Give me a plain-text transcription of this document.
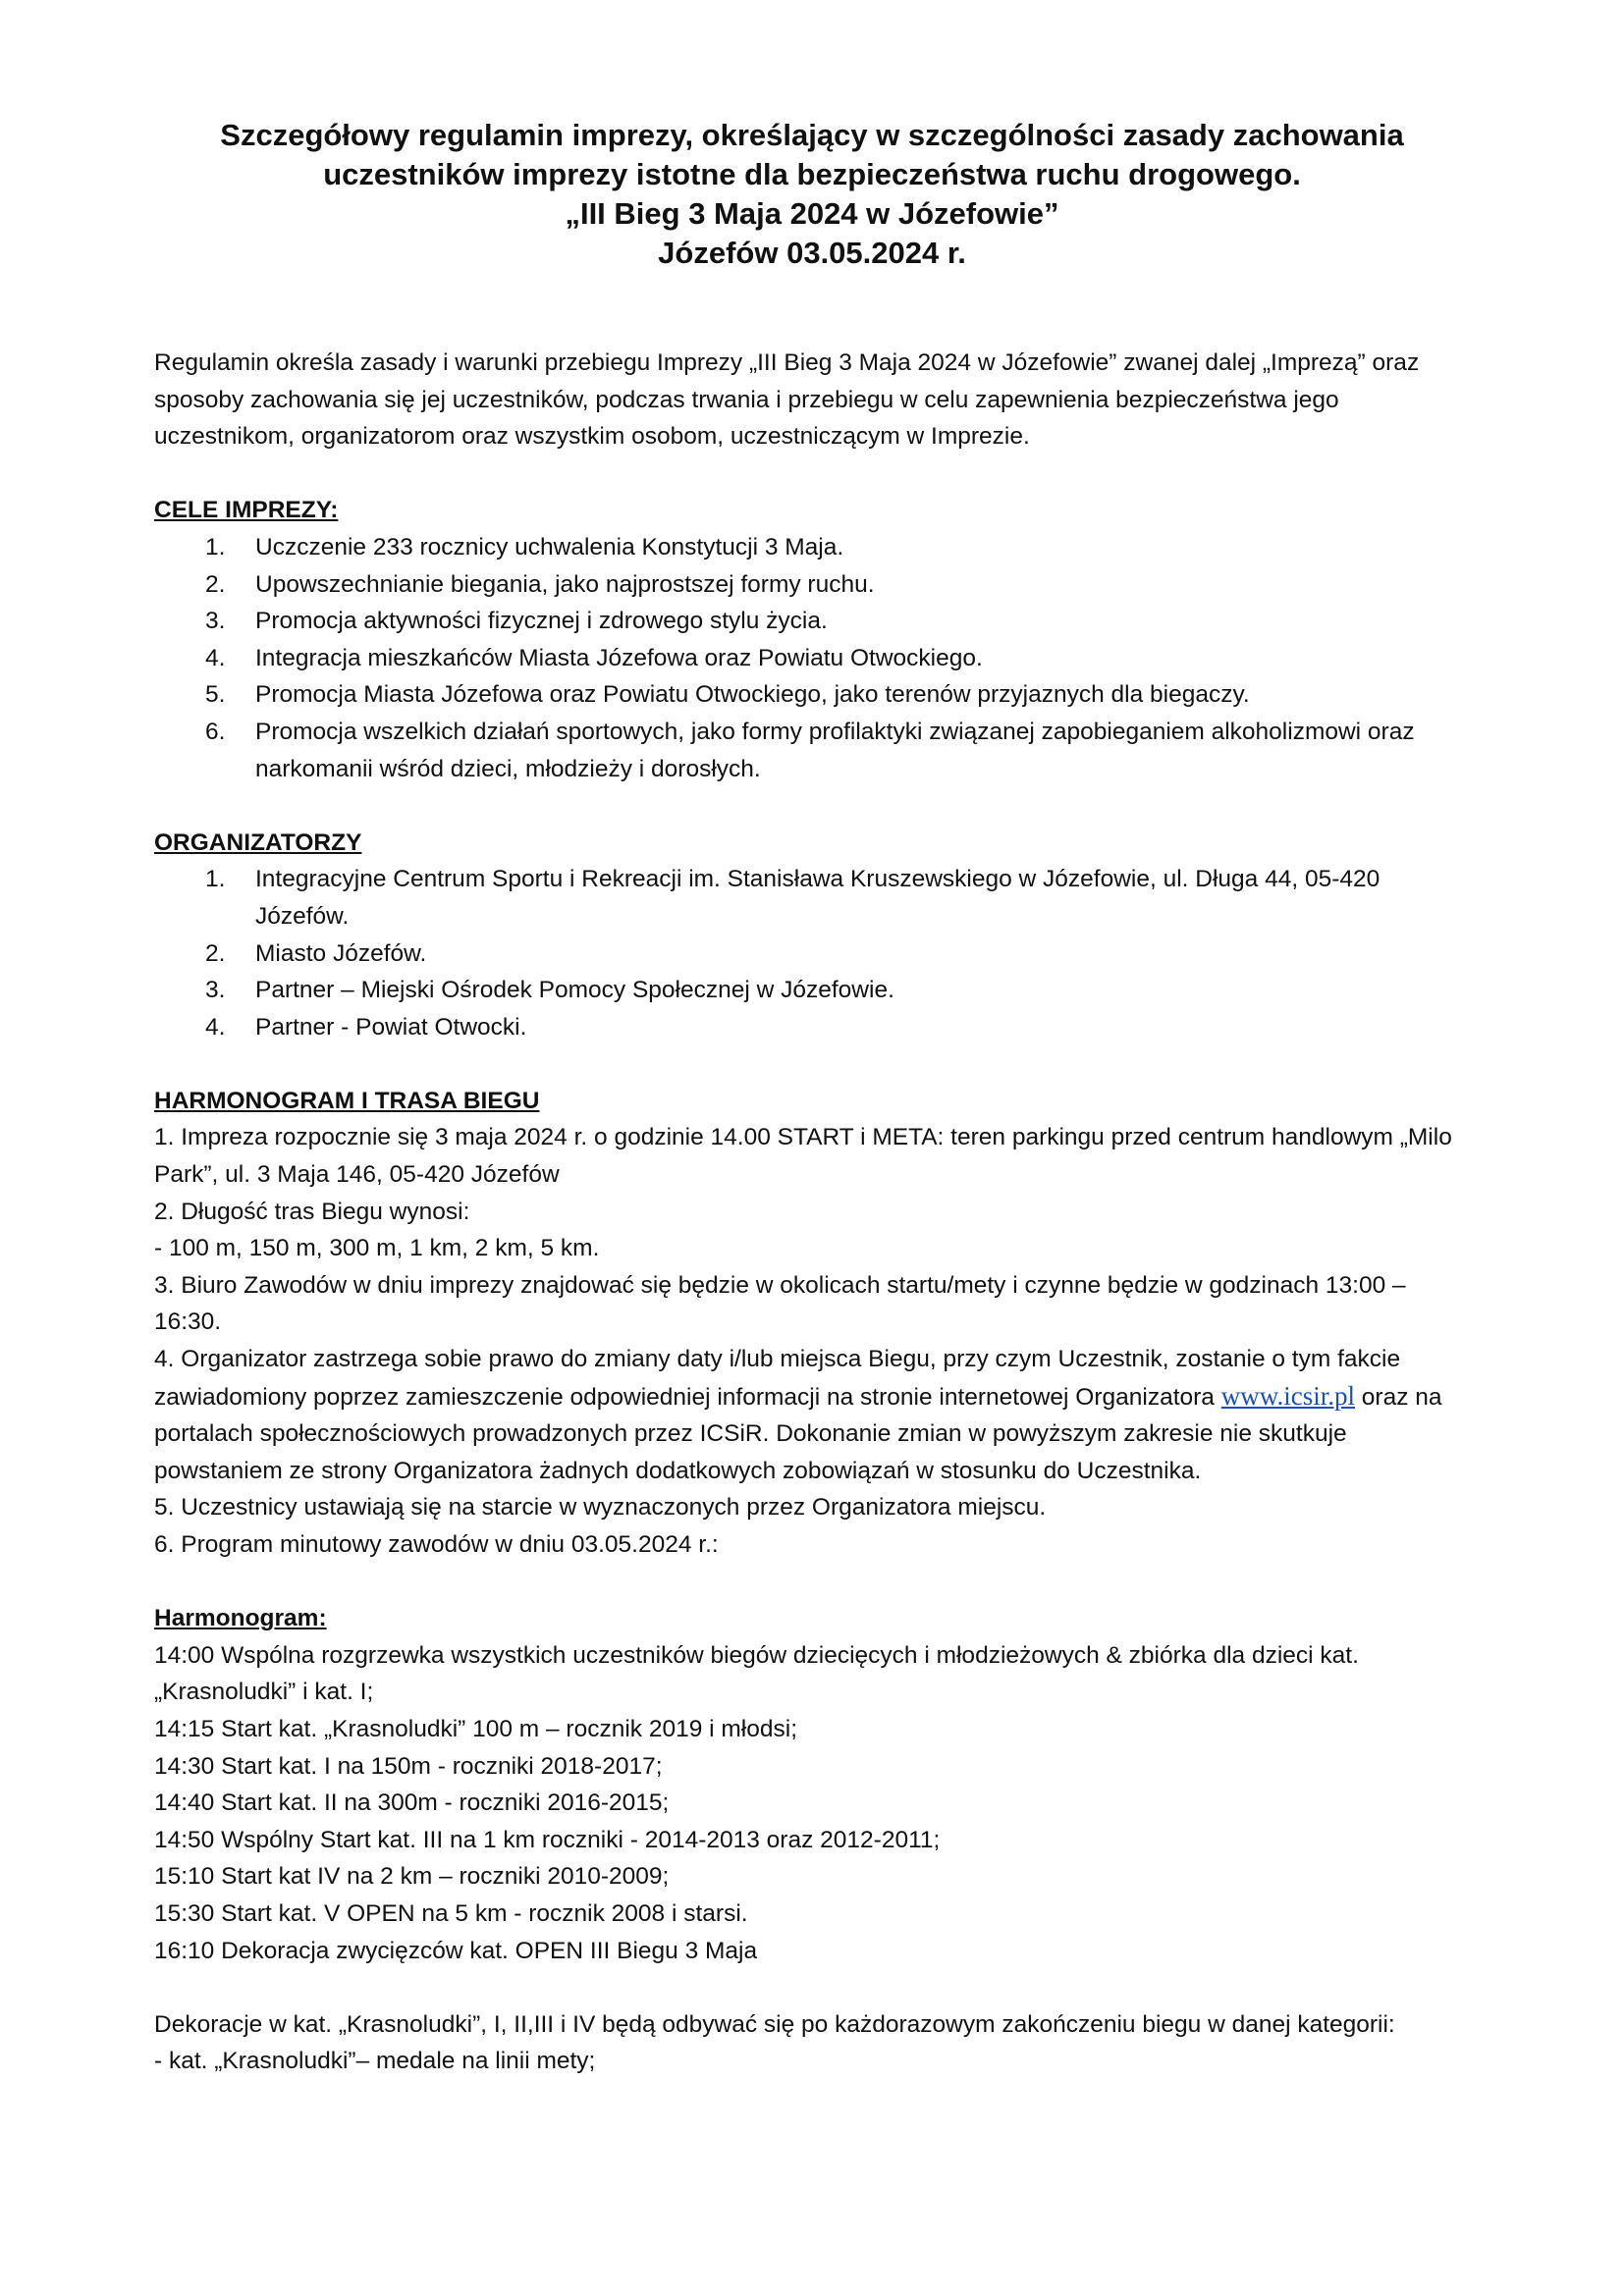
Szczegółowy regulamin imprezy, określający w szczególności zasady zachowania
uczestników imprezy istotne dla bezpieczeństwa ruchu drogowego.
„III Bieg 3 Maja 2024 w Józefowie”
Józefów 03.05.2024 r.

Regulamin określa zasady i warunki przebiegu Imprezy „III Bieg 3 Maja 2024 w Józefowie” zwanej dalej „Imprezą” oraz sposoby zachowania się jej uczestników, podczas trwania i przebiegu w celu zapewnienia bezpieczeństwa jego uczestnikom, organizatorom oraz wszystkim osobom, uczestniczącym w Imprezie.

CELE IMPREZY:

1. Uczczenie 233 rocznicy uchwalenia Konstytucji 3 Maja.
2. Upowszechnianie biegania, jako najprostszej formy ruchu.
3. Promocja aktywności fizycznej i zdrowego stylu życia.
4. Integracja mieszkańców Miasta Józefowa oraz Powiatu Otwockiego.
5. Promocja Miasta Józefowa oraz Powiatu Otwockiego, jako terenów przyjaznych dla biegaczy.
6. Promocja wszelkich działań sportowych, jako formy profilaktyki związanej zapobieganiem alkoholizmowi oraz narkomanii wśród dzieci, młodzieży i dorosłych.

ORGANIZATORZY

1. Integracyjne Centrum Sportu i Rekreacji im. Stanisława Kruszewskiego w Józefowie, ul. Długa 44, 05-420 Józefów.
2. Miasto Józefów.
3. Partner – Miejski Ośrodek Pomocy Społecznej w Józefowie.
4. Partner - Powiat Otwocki.

HARMONOGRAM I TRASA BIEGU

1. Impreza rozpocznie się 3 maja 2024 r. o godzinie 14.00 START i META: teren parkingu przed centrum handlowym „Milo Park”, ul. 3 Maja 146, 05-420 Józefów

2. Długość tras Biegu wynosi:

- 100 m, 150 m, 300 m, 1 km, 2 km, 5 km.

3. Biuro Zawodów w dniu imprezy znajdować się będzie w okolicach startu/mety i czynne będzie w godzinach 13:00 – 16:30.

4. Organizator zastrzega sobie prawo do zmiany daty i/lub miejsca Biegu, przy czym Uczestnik, zostanie o tym fakcie zawiadomiony poprzez zamieszczenie odpowiedniej informacji na stronie internetowej Organizatora www.icsir.pl oraz na portalach społecznościowych prowadzonych przez ICSiR. Dokonanie zmian w powyższym zakresie nie skutkuje powstaniem ze strony Organizatora żadnych dodatkowych zobowiązań w stosunku do Uczestnika.

5. Uczestnicy ustawiają się na starcie w wyznaczonych przez Organizatora miejscu.

6. Program minutowy zawodów w dniu 03.05.2024 r.:

Harmonogram:

14:00 Wspólna rozgrzewka wszystkich uczestników biegów dziecięcych i młodzieżowych & zbiórka dla dzieci kat. „Krasnoludki” i kat. I;

14:15 Start kat. „Krasnoludki” 100 m – rocznik 2019 i młodsi;

14:30 Start kat. I na 150m - roczniki 2018-2017;

14:40 Start kat. II na 300m - roczniki 2016-2015;

14:50 Wspólny Start kat. III na 1 km roczniki - 2014-2013 oraz 2012-2011;

15:10 Start kat IV na 2 km – roczniki 2010-2009;

15:30 Start kat. V OPEN na 5 km - rocznik 2008 i starsi.

16:10 Dekoracja zwycięzców kat. OPEN III Biegu 3 Maja

Dekoracje w kat. „Krasnoludki”, I, II,III i IV będą odbywać się po każdorazowym zakończeniu biegu w danej kategorii:

- kat. „Krasnoludki”– medale na linii mety;
